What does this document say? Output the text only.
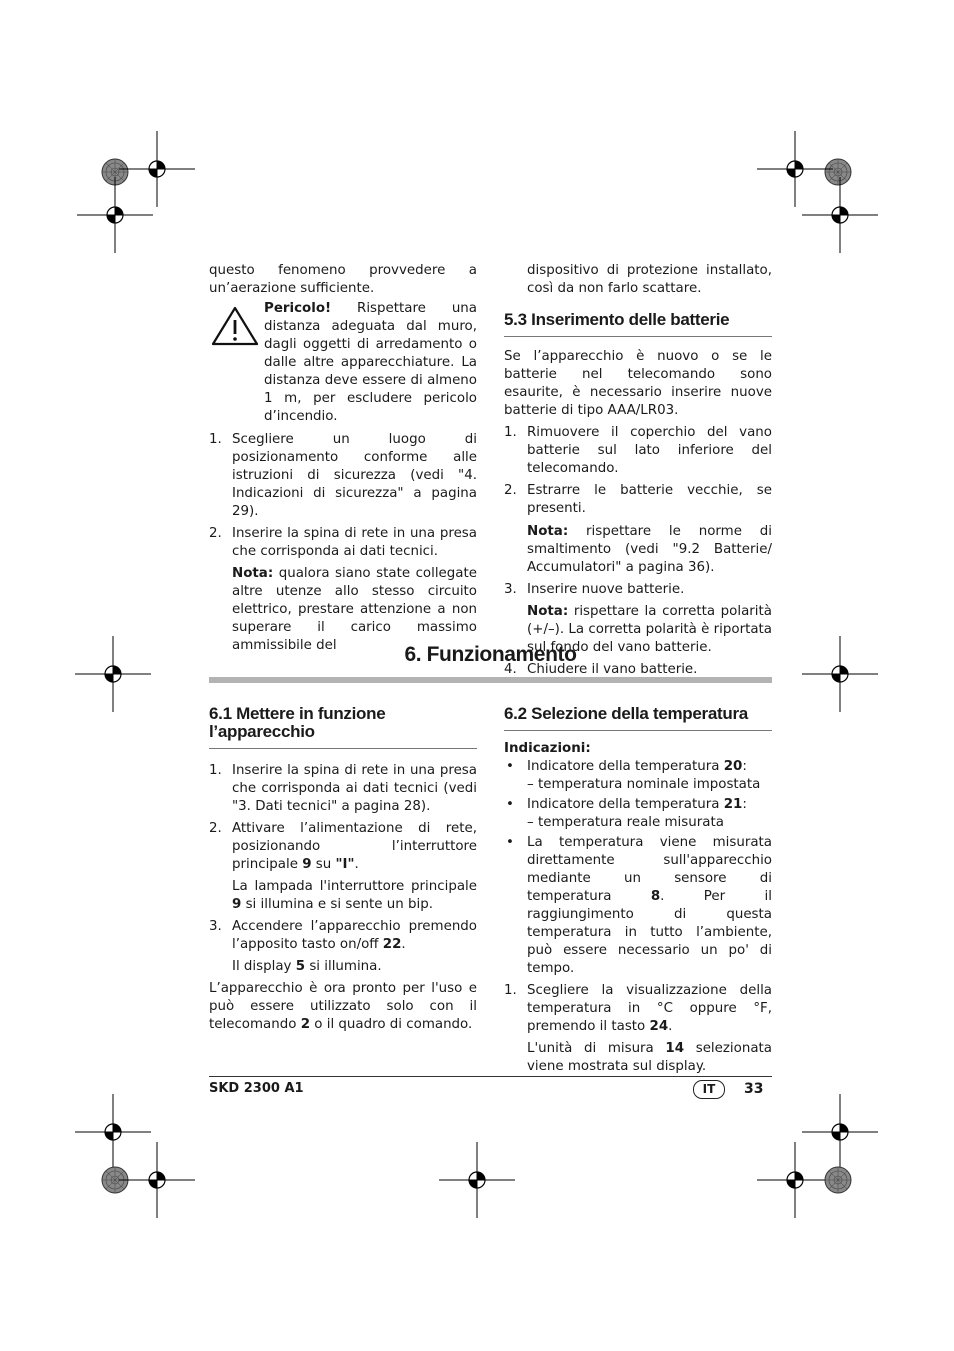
questo fenomeno provvedere a un’aerazione sufficiente.

Pericolo! Rispettare una distanza adeguata dal muro, dagli oggetti di arredamento o dalle altre apparecchiature. La distanza deve essere di almeno 1 m, per escludere pericolo d’incendio.

1. Scegliere un luogo di posizionamento conforme alle istruzioni di sicurezza (vedi "4. Indicazioni di sicurezza" a pagina 29).
2. Inserire la spina di rete in una presa che corrisponda ai dati tecnici.

Nota: qualora siano state collegate altre utenze allo stesso circuito elettrico, prestare attenzione a non superare il carico massimo ammissibile del

dispositivo di protezione installato, così da non farlo scattare.

5.3 Inserimento delle batterie

Se l’apparecchio è nuovo o se le batterie nel telecomando sono esaurite, è necessario inserire nuove batterie di tipo AAA/LR03.

1. Rimuovere il coperchio del vano batterie sul lato inferiore del telecomando.
2. Estrarre le batterie vecchie, se presenti.

Nota: rispettare le norme di smaltimento (vedi "9.2 Batterie/ Accumulatori" a pagina 36).

3. Inserire nuove batterie.

Nota: rispettare la corretta polarità (+/–). La corretta polarità è riportata sul fondo del vano batterie.

4. Chiudere il vano batterie.
6. Funzionamento
6.1 Mettere in funzione l’apparecchio
1. Inserire la spina di rete in una presa che corrisponda ai dati tecnici (vedi "3. Dati tecnici" a pagina 28).
2. Attivare l’alimentazione di rete, posizionando l’interruttore principale 9 su "I".

La lampada l'interruttore principale 9 si illumina e si sente un bip.

3. Accendere l’apparecchio premendo l’apposito tasto on/off 22.

Il display 5 si illumina.

L’apparecchio è ora pronto per l'uso e può essere utilizzato solo con il telecomando 2 o il quadro di comando.

6.2 Selezione della temperatura

Indicazioni:

• Indicatore della temperatura 20:
– temperatura nominale impostata
• Indicatore della temperatura 21:
– temperatura reale misurata
• La temperatura viene misurata direttamente sull'apparecchio mediante un sensore di temperatura 8. Per il raggiungimento di questa temperatura in tutto l’ambiente, può essere necessario un po' di tempo.
1. Scegliere la visualizzazione della temperatura in °C oppure °F, premendo il tasto 24.

L'unità di misura 14 selezionata viene mostrata sul display.

SKD 2300 A1	IT	33
